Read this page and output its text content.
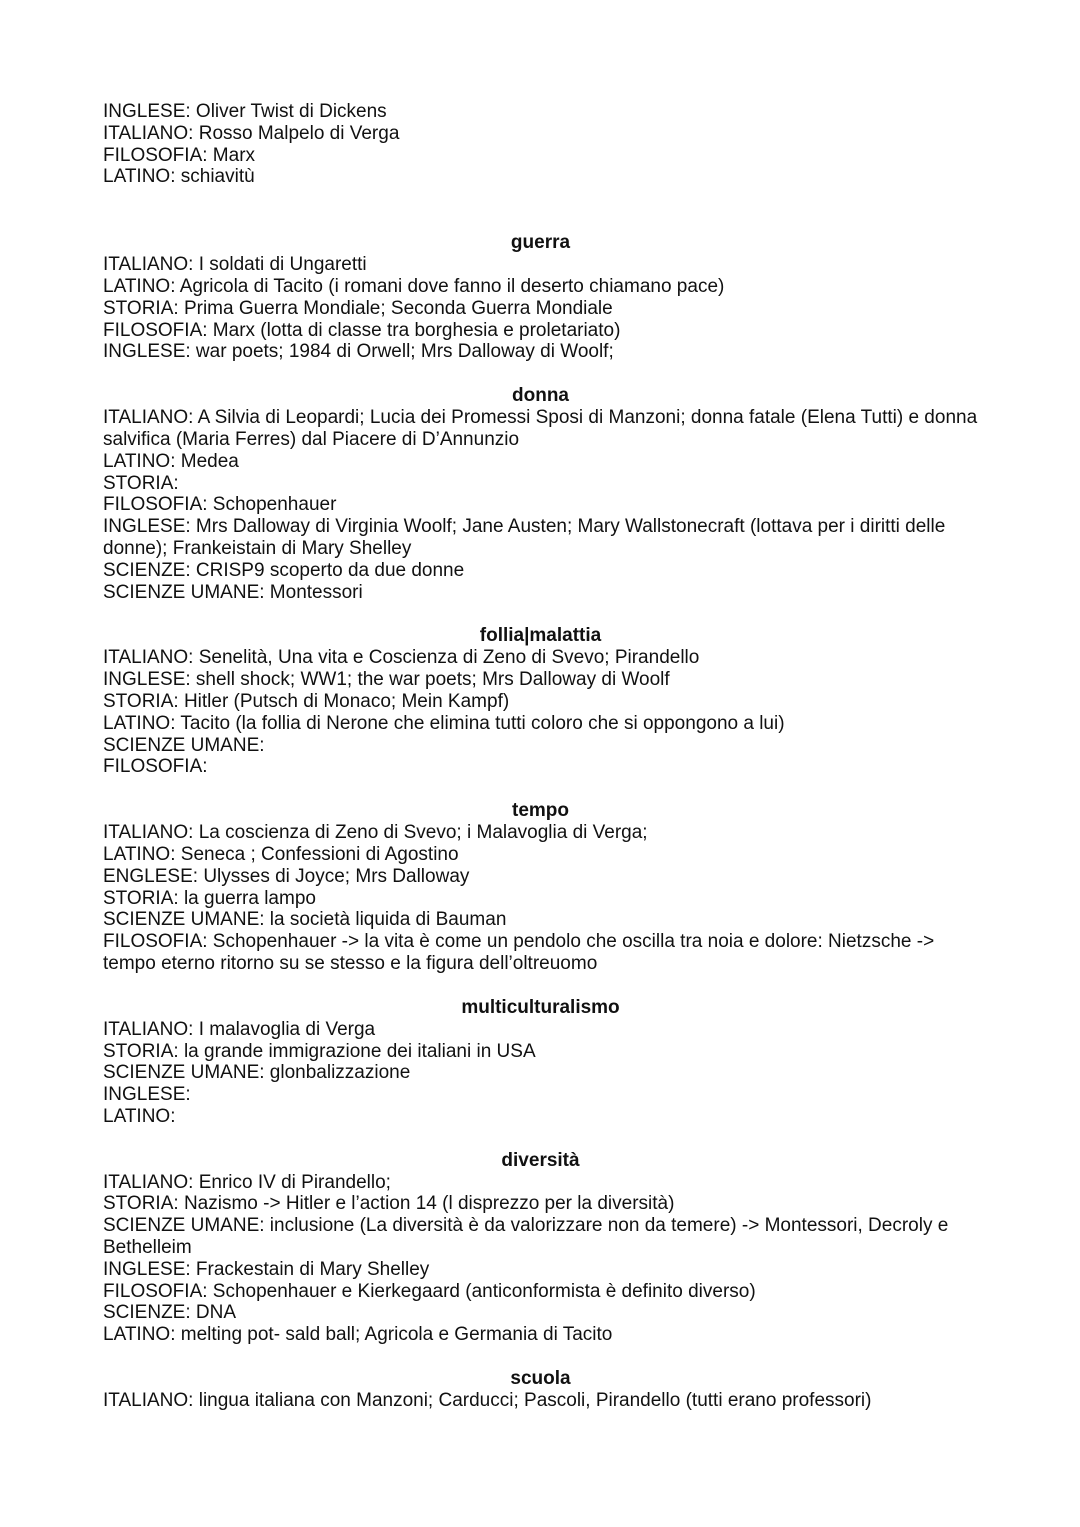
INGLESE: Oliver Twist di Dickens
ITALIANO: Rosso Malpelo di Verga
FILOSOFIA: Marx
LATINO: schiavitù
guerra
ITALIANO: I soldati di Ungaretti
LATINO: Agricola di Tacito (i romani dove fanno il deserto chiamano pace)
STORIA: Prima Guerra Mondiale; Seconda Guerra Mondiale
FILOSOFIA: Marx (lotta di classe tra borghesia e proletariato)
INGLESE: war poets; 1984 di Orwell; Mrs Dalloway di Woolf;
donna
ITALIANO: A Silvia di Leopardi; Lucia dei Promessi Sposi di Manzoni; donna fatale (Elena Tutti) e donna salvifica (Maria Ferres) dal Piacere di D’Annunzio
LATINO: Medea
STORIA:
FILOSOFIA: Schopenhauer
INGLESE: Mrs Dalloway di Virginia Woolf; Jane Austen; Mary Wallstonecraft (lottava per i diritti delle donne); Frankeistain di Mary Shelley
SCIENZE: CRISP9 scoperto da due donne
SCIENZE UMANE: Montessori
follia|malattia
ITALIANO: Senelità, Una vita e Coscienza di Zeno di Svevo; Pirandello
INGLESE: shell shock; WW1; the war poets; Mrs Dalloway di Woolf
STORIA: Hitler (Putsch di Monaco; Mein Kampf)
LATINO: Tacito (la follia di Nerone che elimina tutti coloro che si oppongono a lui)
SCIENZE UMANE:
FILOSOFIA:
tempo
ITALIANO: La coscienza di Zeno di Svevo; i Malavoglia di Verga;
LATINO: Seneca ; Confessioni di Agostino
ENGLESE: Ulysses di Joyce; Mrs Dalloway
STORIA: la guerra lampo
SCIENZE UMANE: la società liquida di Bauman
FILOSOFIA: Schopenhauer -> la vita è come un pendolo che oscilla tra noia e dolore: Nietzsche -> tempo eterno ritorno su se stesso e la figura dell’oltreuomo
multiculturalismo
ITALIANO: I malavoglia di Verga
STORIA: la grande immigrazione dei italiani in USA
SCIENZE UMANE: glonbalizzazione
INGLESE:
LATINO:
diversità
ITALIANO: Enrico IV di Pirandello;
STORIA: Nazismo -> Hitler e l’action 14 (l disprezzo per la diversità)
SCIENZE UMANE: inclusione (La diversità è da valorizzare non da temere) -> Montessori, Decroly e Bethelleim
INGLESE: Frackestain di Mary Shelley
FILOSOFIA: Schopenhauer e Kierkegaard (anticonformista è definito diverso)
SCIENZE: DNA
LATINO: melting pot- sald ball; Agricola e Germania di Tacito
scuola
ITALIANO: lingua italiana con Manzoni; Carducci; Pascoli, Pirandello (tutti erano professori)
